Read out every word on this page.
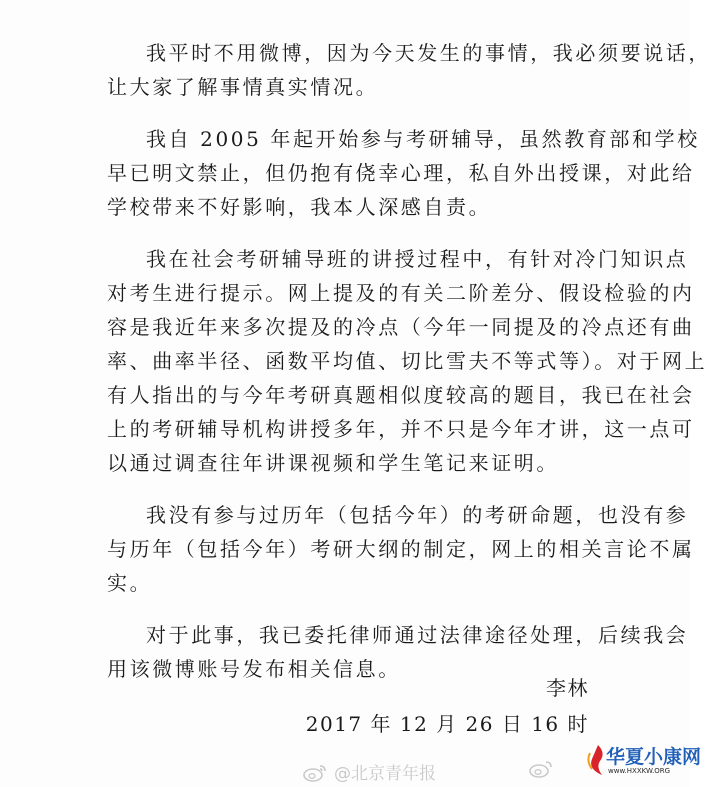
我平时不用微博，因为今天发生的事情，我必须要说话，
让大家了解事情真实情况。
我自 2005 年起开始参与考研辅导，虽然教育部和学校
早已明文禁止，但仍抱有侥幸心理，私自外出授课，对此给
学校带来不好影响，我本人深感自责。
我在社会考研辅导班的讲授过程中，有针对冷门知识点
对考生进行提示。网上提及的有关二阶差分、假设检验的内
容是我近年来多次提及的冷点（今年一同提及的冷点还有曲
率、曲率半径、函数平均值、切比雪夫不等式等）。对于网上
有人指出的与今年考研真题相似度较高的题目，我已在社会
上的考研辅导机构讲授多年，并不只是今年才讲，这一点可
以通过调查往年讲课视频和学生笔记来证明。
我没有参与过历年（包括今年）的考研命题，也没有参
与历年（包括今年）考研大纲的制定，网上的相关言论不属
实。
对于此事，我已委托律师通过法律途径处理，后续我会
用该微博账号发布相关信息。
李林
2017 年 12 月 26 日 16 时
@北京青年报
华夏小康网
www.HXXKW.ORG
